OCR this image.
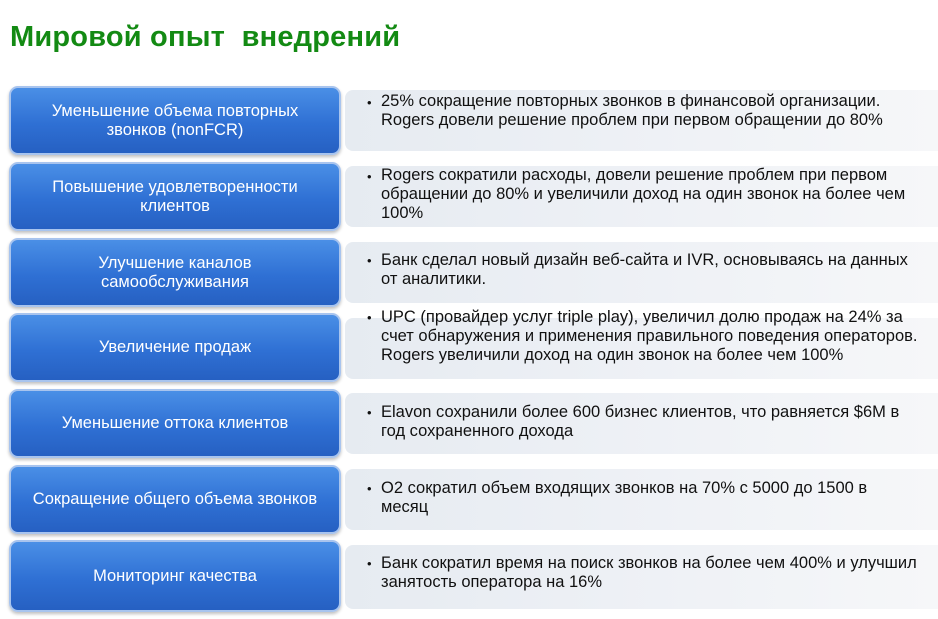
Мировой опыт  внедрений
Уменьшение объема повторных звонков (nonFCR)
• 25% сокращение повторных звонков в финансовой организации. Rogers довели решение проблем при первом обращении до 80%
Повышение удовлетворенности клиентов
• Rogers сократили расходы, довели решение проблем при первом обращении до 80% и увеличили доход на один звонок на более чем 100%
Улучшение каналов самообслуживания
• Банк сделал новый дизайн веб-сайта и IVR, основываясь на данных от аналитики.
Увеличение продаж
• UPC (провайдер услуг triple play), увеличил долю продаж на 24% за счет обнаружения и применения правильного поведения операторов. Rogers увеличили доход на один звонок на более чем 100%
Уменьшение оттока клиентов
• Elavon сохранили более 600 бизнес клиентов, что равняется $6M в год сохраненного дохода
Сокращение общего объема звонков
• O2 сократил объем входящих звонков на 70% с 5000 до 1500 в месяц
Мониторинг качества
• Банк сократил время на поиск звонков на более чем 400% и улучшил занятость оператора на 16%
